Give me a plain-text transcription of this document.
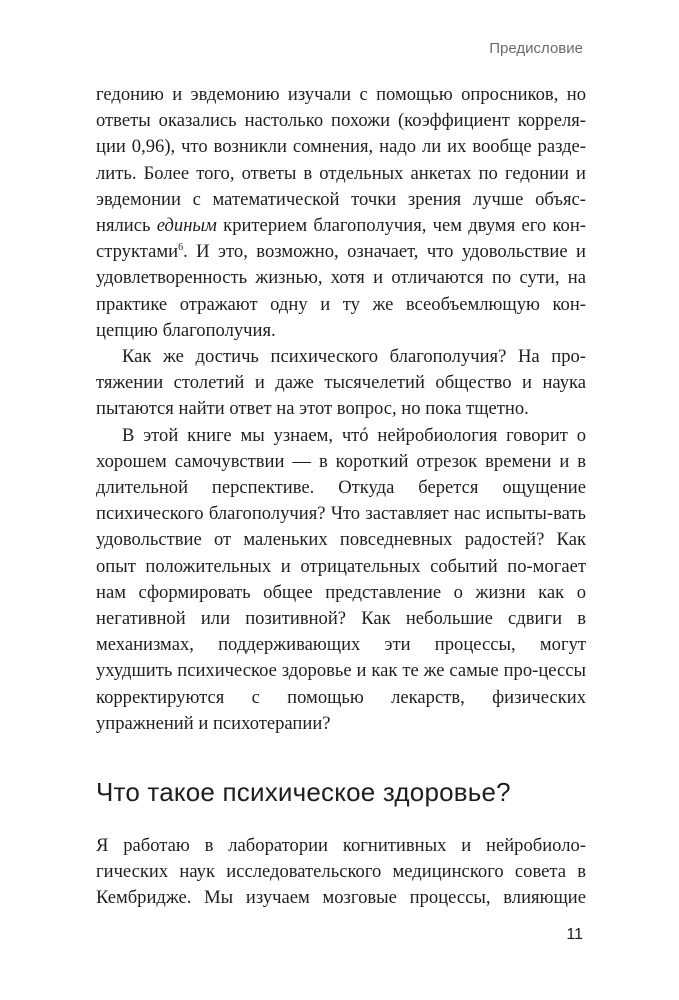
Предисловие

гедонию и эвдемонию изучали с помощью опросников, но ответы оказались настолько похожи (коэффициент корреля-ции 0,96), что возникли сомнения, надо ли их вообще разде-лить. Более того, ответы в отдельных анкетах по гедонии и эвдемонии с математической точки зрения лучше объяс-нялись единым критерием благополучия, чем двумя его кон-структами$^6$. И это, возможно, означает, что удовольствие и удовлетворенность жизнью, хотя и отличаются по сути, на практике отражают одну и ту же всеобъемлющую кон-цепцию благополучия.

Как же достичь психического благополучия? На про-тяжении столетий и даже тысячелетий общество и наука пытаются найти ответ на этот вопрос, но пока тщетно.

В этой книге мы узнаем, чтó нейробиология говорит о хорошем самочувствии — в короткий отрезок времени и в длительной перспективе. Откуда берется ощущение психического благополучия? Что заставляет нас испыты-вать удовольствие от маленьких повседневных радостей? Как опыт положительных и отрицательных событий по-могает нам сформировать общее представление о жизни как о негативной или позитивной? Как небольшие сдвиги в механизмах, поддерживающих эти процессы, могут ухудшить психическое здоровье и как те же самые про-цессы корректируются с помощью лекарств, физических упражнений и психотерапии?

Что такое психическое здоровье?

Я работаю в лаборатории когнитивных и нейробиоло-гических наук исследовательского медицинского совета в Кембридже. Мы изучаем мозговые процессы, влияющие

11
